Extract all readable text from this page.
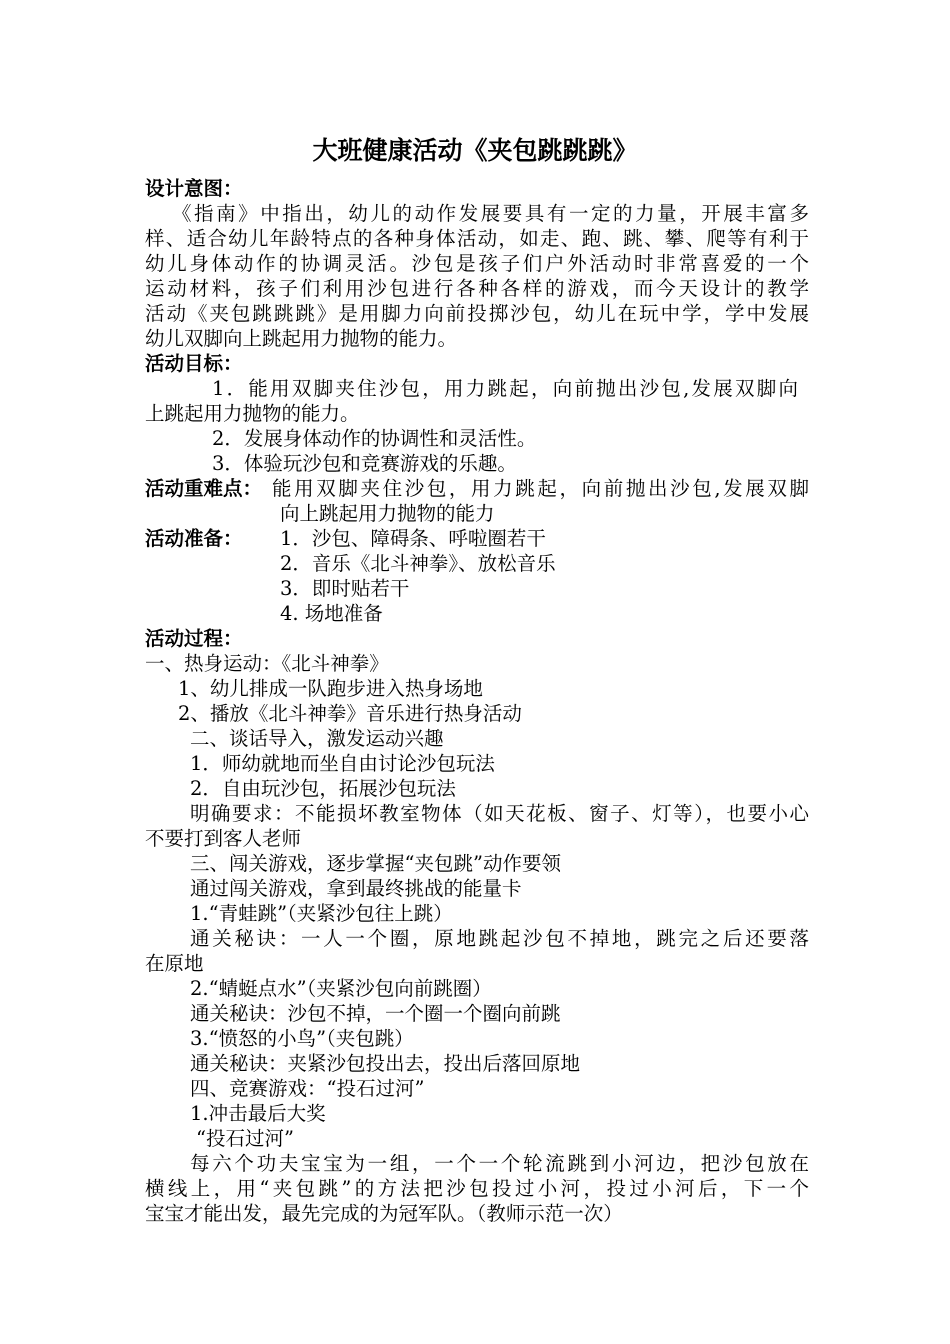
大班健康活动《夹包跳跳跳》
设计意图：
《指南》中指出，幼儿的动作发展要具有一定的力量，开展丰富多
样、适合幼儿年龄特点的各种身体活动，如走、跑、跳、攀、爬等有利于
幼儿身体动作的协调灵活。沙包是孩子们户外活动时非常喜爱的一个
运动材料，孩子们利用沙包进行各种各样的游戏，而今天设计的教学
活动《夹包跳跳跳》是用脚力向前投掷沙包，幼儿在玩中学，学中发展
幼儿双脚向上跳起用力抛物的能力。
活动目标：
1．能用双脚夹住沙包，用力跳起，向前抛出沙包,发展双脚向
上跳起用力抛物的能力。
2．发展身体动作的协调性和灵活性。
3．体验玩沙包和竞赛游戏的乐趣。
活动重难点： 能用双脚夹住沙包，用力跳起，向前抛出沙包,发展双脚
向上跳起用力抛物的能力
活动准备： 1．沙包、障碍条、呼啦圈若干
2．音乐《北斗神拳》、放松音乐
3．即时贴若干
4. 场地准备
活动过程：
一、热身运动：《北斗神拳》
1、幼儿排成一队跑步进入热身场地
2、播放《北斗神拳》音乐进行热身活动
二、谈话导入，激发运动兴趣
1．师幼就地而坐自由讨论沙包玩法
2．自由玩沙包，拓展沙包玩法
明确要求：不能损坏教室物体（如天花板、窗子、灯等），也要小心
不要打到客人老师
三、闯关游戏，逐步掌握“夹包跳”动作要领
通过闯关游戏，拿到最终挑战的能量卡
1.“青蛙跳”（夹紧沙包往上跳）
通关秘诀：一人一个圈，原地跳起沙包不掉地，跳完之后还要落
在原地
2.“蜻蜓点水”（夹紧沙包向前跳圈）
通关秘诀：沙包不掉，一个圈一个圈向前跳
3.“愤怒的小鸟”（夹包跳）
通关秘诀：夹紧沙包投出去，投出后落回原地
四、竞赛游戏：“投石过河”
1.冲击最后大奖
“投石过河”
每六个功夫宝宝为一组，一个一个轮流跳到小河边，把沙包放在
横线上，用“夹包跳”的方法把沙包投过小河，投过小河后，下一个
宝宝才能出发，最先完成的为冠军队。（教师示范一次）
